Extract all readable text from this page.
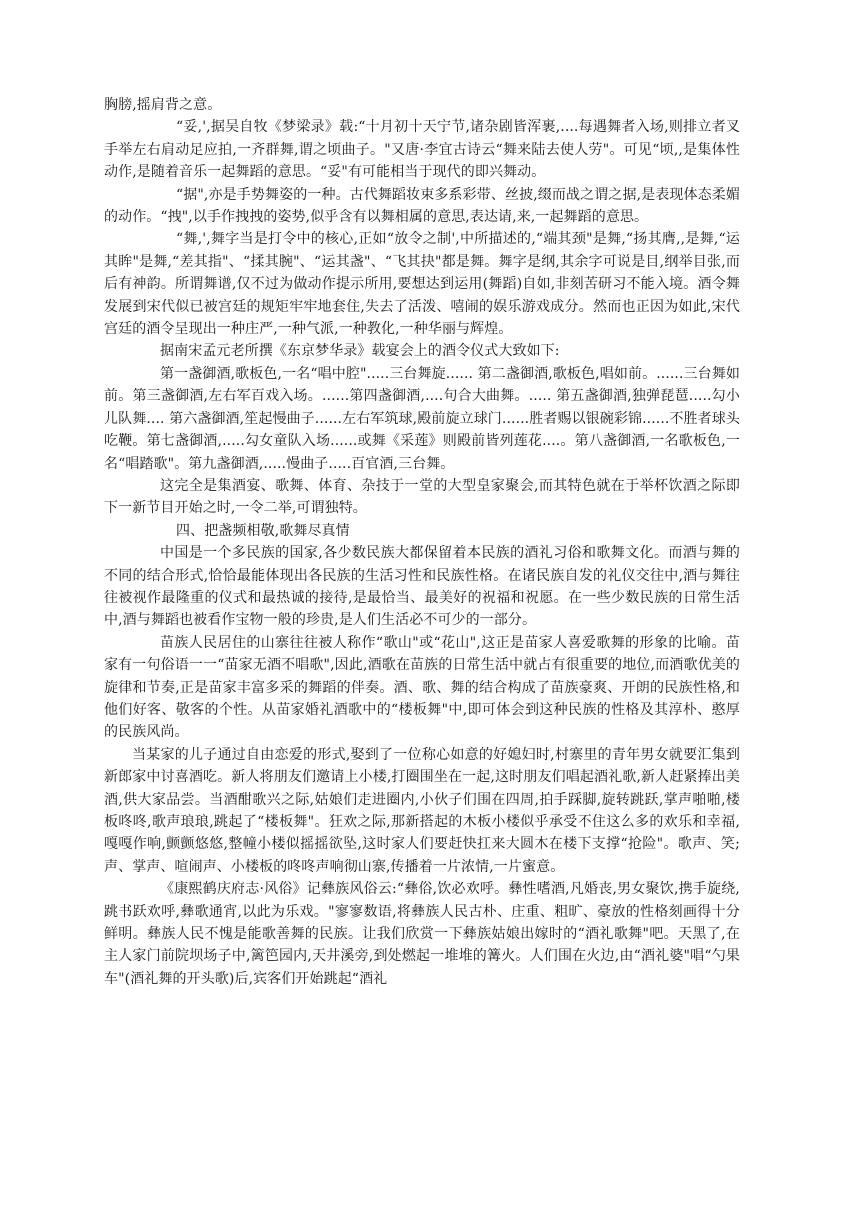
胸膀,摇肩背之意。

“妥,',据吴自牧《梦梁录》载:“十月初十天宁节,诸杂剧皆浑裹,....每遇舞者入场,则排立者叉手举左右肩动足应拍,一齐群舞,谓之顷曲子。"又唐·李宜古诗云“舞来陆去使人劳"。可见“顷,,是集体性动作,是随着音乐一起舞蹈的意思。“妥"有可能相当于现代的即兴舞动。

“据",亦是手势舞姿的一种。古代舞蹈妆束多系彩带、丝披,缀而战之谓之据,是表现体态柔媚的动作。“拽",以手作拽拽的姿势,似乎含有以舞相属的意思,表达请,来,一起舞蹈的意思。

“舞,',舞字当是打令中的核心,正如“放令之制',中所描述的,“端其颈"是舞,“扬其膺,,是舞,“运其眸"是舞,“差其指"、“揉其腕"、“运其盏"、“飞其抉"都是舞。舞字是纲,其余字可说是目,纲举目张,而后有神韵。所谓舞谱,仅不过为做动作提示所用,要想达到运用(舞蹈)自如,非刻苦研习不能入境。酒令舞发展到宋代似已被宫廷的规矩牢牢地套住,失去了活泼、嘻闹的娱乐游戏成分。然而也正因为如此,宋代宫廷的酒令呈现出一种庄严,一种气派,一种教化,一种华丽与辉煌。

据南宋孟元老所撰《东京梦华录》载宴会上的酒令仪式大致如下:

第一盏御酒,歌板色,一名“唱中腔".....三台舞旋...... 第二盏御酒,歌板色,唱如前。......三台舞如前。第三盏御酒,左右军百戏入场。......第四盏御酒,....句合大曲舞。..... 第五盏御酒,独弹琵琶.....勾小儿队舞.... 第六盏御酒,笙起慢曲子......左右军筑球,殿前旋立球门......胜者赐以银碗彩锦......不胜者球头吃鞭。第七盏御酒,.....勾女童队入场......或舞《采莲》则殿前皆列莲花....。第八盏御酒,一名歌板色,一名“唱踏歌"。第九盏御酒,.....慢曲子.....百官酒,三台舞。

这完全是集酒宴、歌舞、体育、杂技于一堂的大型皇家聚会,而其特色就在于举杯饮酒之际即下一新节目开始之时,一令二举,可谓独特。

四、把盏频相敬,歌舞尽真情

中国是一个多民族的国家,各少数民族大都保留着本民族的酒礼习俗和歌舞文化。而酒与舞的不同的结合形式,恰恰最能体现出各民族的生活习性和民族性格。在诸民族自发的礼仪交往中,酒与舞往往被视作最隆重的仪式和最热诚的接待,是最恰当、最美好的祝福和祝愿。在一些少数民族的日常生活中,酒与舞蹈也被看作宝物一般的珍贵,是人们生活必不可少的一部分。

苗族人民居住的山寨往往被人称作“歌山"或“花山",这正是苗家人喜爱歌舞的形象的比喻。苗家有一句俗语一一“苗家无酒不唱歌",因此,酒歌在苗族的日常生活中就占有很重要的地位,而酒歌优美的旋律和节奏,正是苗家丰富多采的舞蹈的伴奏。酒、歌、舞的结合构成了苗族豪爽、开朗的民族性格,和他们好客、敬客的个性。从苗家婚礼酒歌中的“楼板舞"中,即可体会到这种民族的性格及其淳朴、憨厚的民族风尚。

当某家的儿子通过自由恋爱的形式,娶到了一位称心如意的好媳妇时,村寨里的青年男女就要汇集到新郎家中讨喜酒吃。新人将朋友们邀请上小楼,打圈围坐在一起,这时朋友们唱起酒礼歌,新人赶紧捧出美酒,供大家品尝。当酒酣歌兴之际,姑娘们走进圈内,小伙子们围在四周,拍手踩脚,旋转跳跃,掌声啪啪,楼板咚咚,歌声琅琅,跳起了“楼板舞"。狂欢之际,那新搭起的木板小楼似乎承受不住这么多的欢乐和幸福,嘎嘎作响,颤颤悠悠,整幢小楼似摇摇欲坠,这时家人们要赶快扛来大圆木在楼下支撑“抢险"。歌声、笑;声、掌声、喧闹声、小楼板的咚咚声响彻山寨,传播着一片浓情,一片蜜意。

《康熙鹤庆府志·风俗》记彝族风俗云:“彝俗,饮必欢呼。彝性嗜酒,凡婚丧,男女聚饮,携手旋绕,跳书跃欢呼,彝歌通宵,以此为乐戏。"寥寥数语,将彝族人民古朴、庄重、粗旷、豪放的性格刻画得十分鲜明。彝族人民不愧是能歌善舞的民族。让我们欣赏一下彝族姑娘出嫁时的“酒礼歌舞"吧。天黑了,在主人家门前院坝场子中,篱笆园内,天井溪旁,到处燃起一堆堆的篝火。人们围在火边,由“酒礼婆"唱“勺果车"(酒礼舞的开头歌)后,宾客们开始跳起“酒礼
